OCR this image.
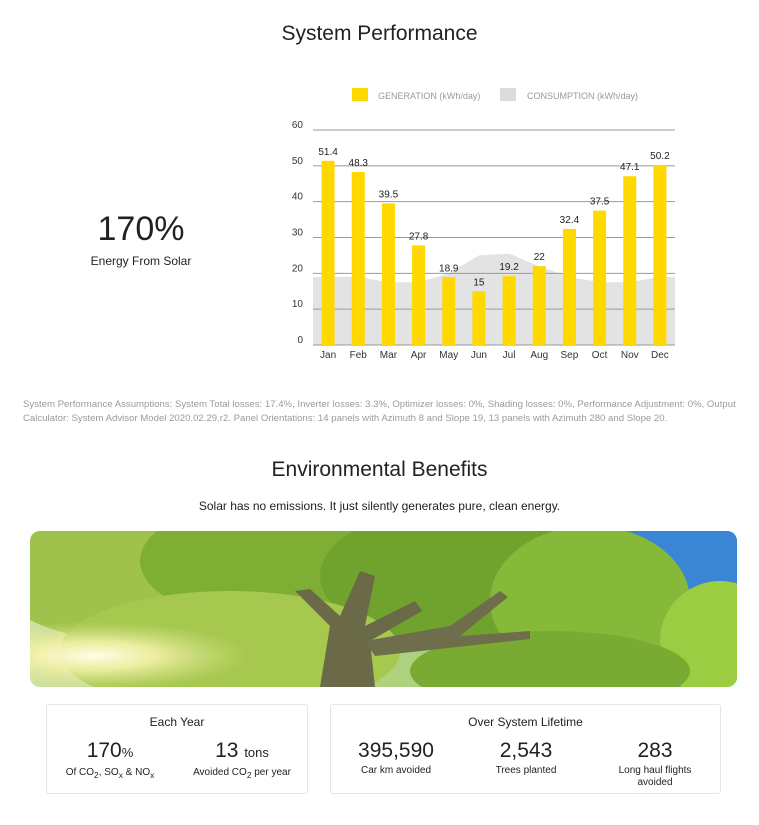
System Performance
170%
Energy From Solar
0
10
20
30
40
50
60
51.4
Jan
48.3
Feb
39.5
Mar
27.8
Apr
18.9
May
15
Jun
19.2
Jul
22
Aug
32.4
Sep
37.5
Oct
47.1
Nov
50.2
Dec
GENERATION (kWh/day)	CONSUMPTION (kWh/day)
System Performance Assumptions: System Total losses: 17.4%, Inverter losses: 3.3%, Optimizer losses: 0%, Shading losses: 0%, Performance Adjustment: 0%, Output Calculator: System Advisor Model 2020.02.29.r2. Panel Orientations: 14 panels with Azimuth 8 and Slope 19, 13 panels with Azimuth 280 and Slope 20.
Environmental Benefits
Solar has no emissions. It just silently generates pure, clean energy.
Each Year
170%
Of $CO_2$, $SO_x$ & $NO_x$
13 tons
Avoided $CO_2$ per year
Over System Lifetime
395,590
Car km avoided
2,543
Trees planted
283
Long haul flights avoided
